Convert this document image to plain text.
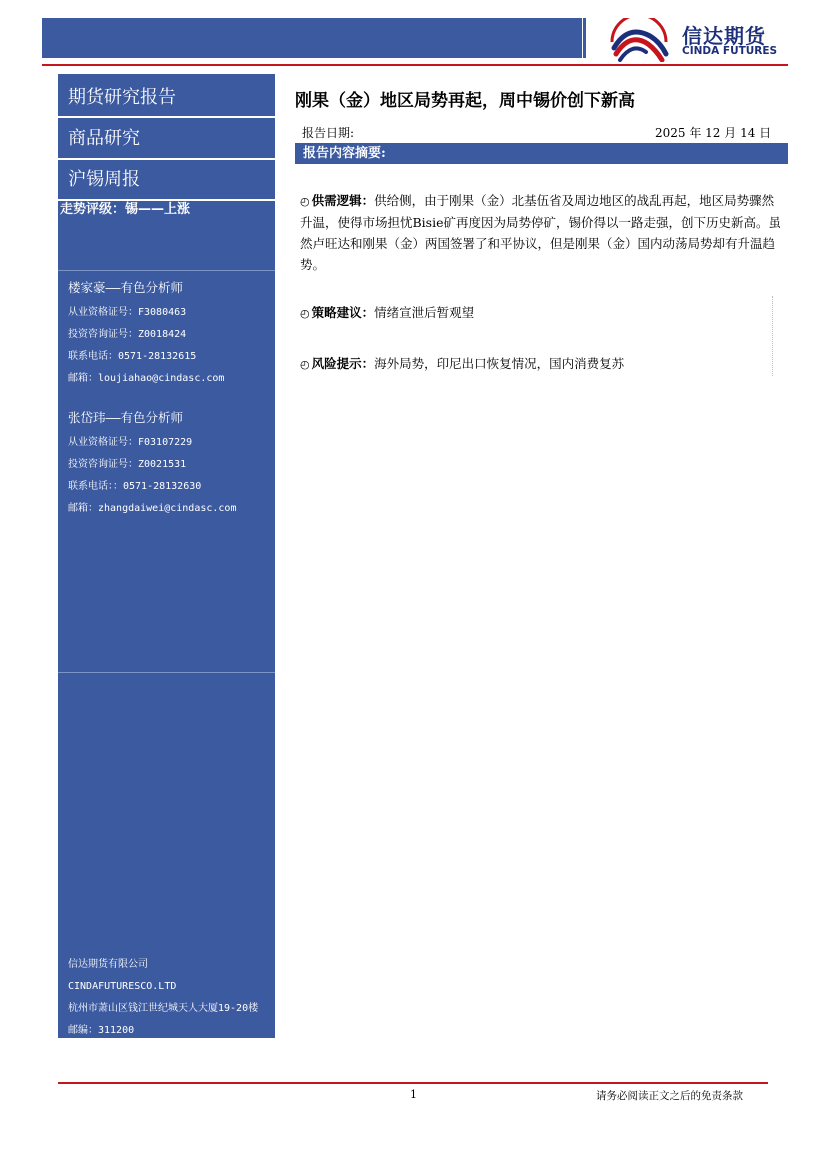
信达期货
CINDA FUTURES
期货研究报告
商品研究
沪锡周报
走势评级：锡——上涨
楼家豪——有色分析师
从业资格证号：F3080463
投资咨询证号：Z0018424
联系电话：0571-28132615
邮箱：loujiahao@cindasc.com
张岱玮——有色分析师
从业资格证号：F03107229
投资咨询证号：Z0021531
联系电话：：0571-28132630
邮箱：zhangdaiwei@cindasc.com
信达期货有限公司
CINDAFUTURESCO.LTD
杭州市萧山区钱江世纪城天人大厦19-20楼
邮编：311200
刚果（金）地区局势再起，周中锡价创下新高
报告日期:	2025 年 12 月 14 日
报告内容摘要:
◴ 供需逻辑：供给侧，由于刚果（金）北基伍省及周边地区的战乱再起，地区局势骤然升温，使得市场担忧Bisie矿再度因为局势停矿，锡价得以一路走强，创下历史新高。虽然卢旺达和刚果（金）两国签署了和平协议，但是刚果（金）国内动荡局势却有升温趋势。
◴ 策略建议：情绪宣泄后暂观望
◴ 风险提示：海外局势，印尼出口恢复情况，国内消费复苏
1	请务必阅读正文之后的免责条款
